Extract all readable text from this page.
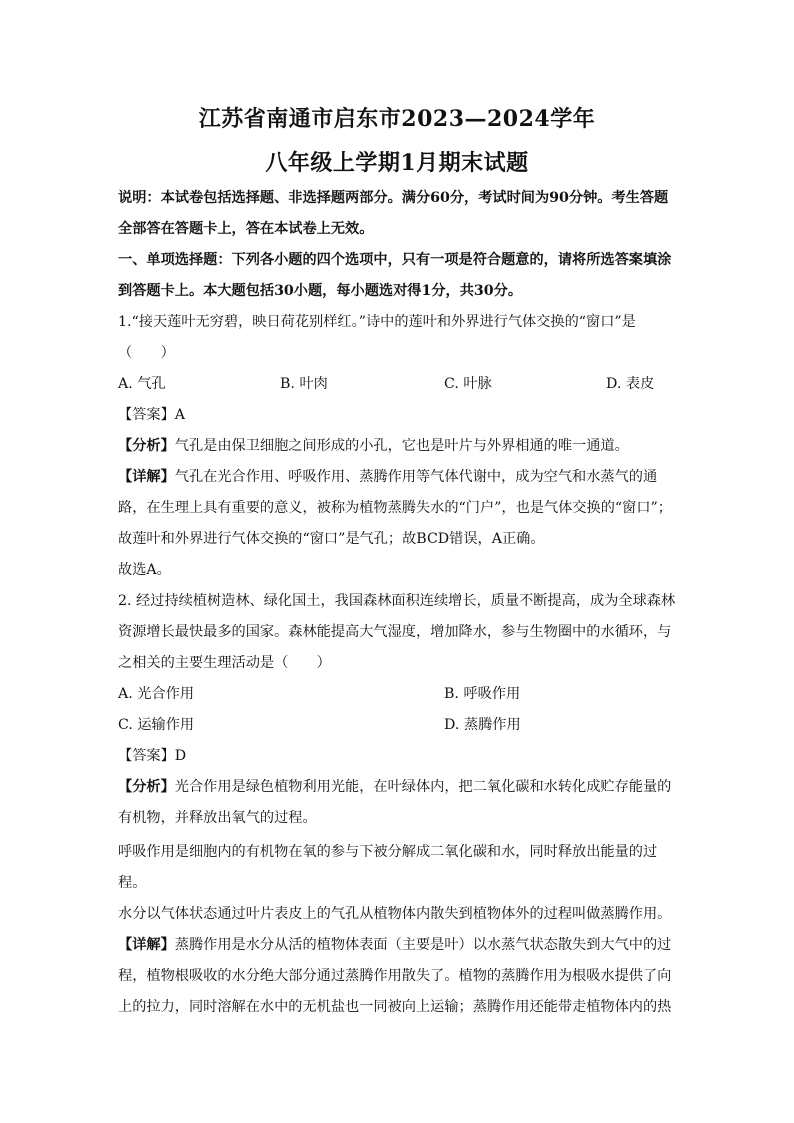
江苏省南通市启东市2023—2024学年
八年级上学期1月期末试题
说明：本试卷包括选择题、非选择题两部分。满分60分，考试时间为90分钟。考生答题
全部答在答题卡上，答在本试卷上无效。
一、单项选择题：下列各小题的四个选项中，只有一项是符合题意的，请将所选答案填涂
到答题卡上。本大题包括30小题，每小题选对得1分，共30分。
1.“接天莲叶无穷碧，映日荷花别样红。”诗中的莲叶和外界进行气体交换的“窗口”是
（　　）
A. 气孔	B. 叶肉	C. 叶脉	D. 表皮
【答案】A
【分析】气孔是由保卫细胞之间形成的小孔，它也是叶片与外界相通的唯一通道。
【详解】气孔在光合作用、呼吸作用、蒸腾作用等气体代谢中，成为空气和水蒸气的通
路，在生理上具有重要的意义，被称为植物蒸腾失水的“门户”，也是气体交换的“窗口”；
故莲叶和外界进行气体交换的“窗口”是气孔；故BCD错误，A正确。
故选A。
2. 经过持续植树造林、绿化国土，我国森林面积连续增长，质量不断提高，成为全球森林
资源增长最快最多的国家。森林能提高大气湿度，增加降水，参与生物圈中的水循环，与
之相关的主要生理活动是（　　）
A. 光合作用	B. 呼吸作用
C. 运输作用	D. 蒸腾作用
【答案】D
【分析】光合作用是绿色植物利用光能，在叶绿体内，把二氧化碳和水转化成贮存能量的
有机物，并释放出氧气的过程。
呼吸作用是细胞内的有机物在氧的参与下被分解成二氧化碳和水，同时释放出能量的过
程。
水分以气体状态通过叶片表皮上的气孔从植物体内散失到植物体外的过程叫做蒸腾作用。
【详解】蒸腾作用是水分从活的植物体表面（主要是叶）以水蒸气状态散失到大气中的过
程，植物根吸收的水分绝大部分通过蒸腾作用散失了。植物的蒸腾作用为根吸水提供了向
上的拉力，同时溶解在水中的无机盐也一同被向上运输；蒸腾作用还能带走植物体内的热
